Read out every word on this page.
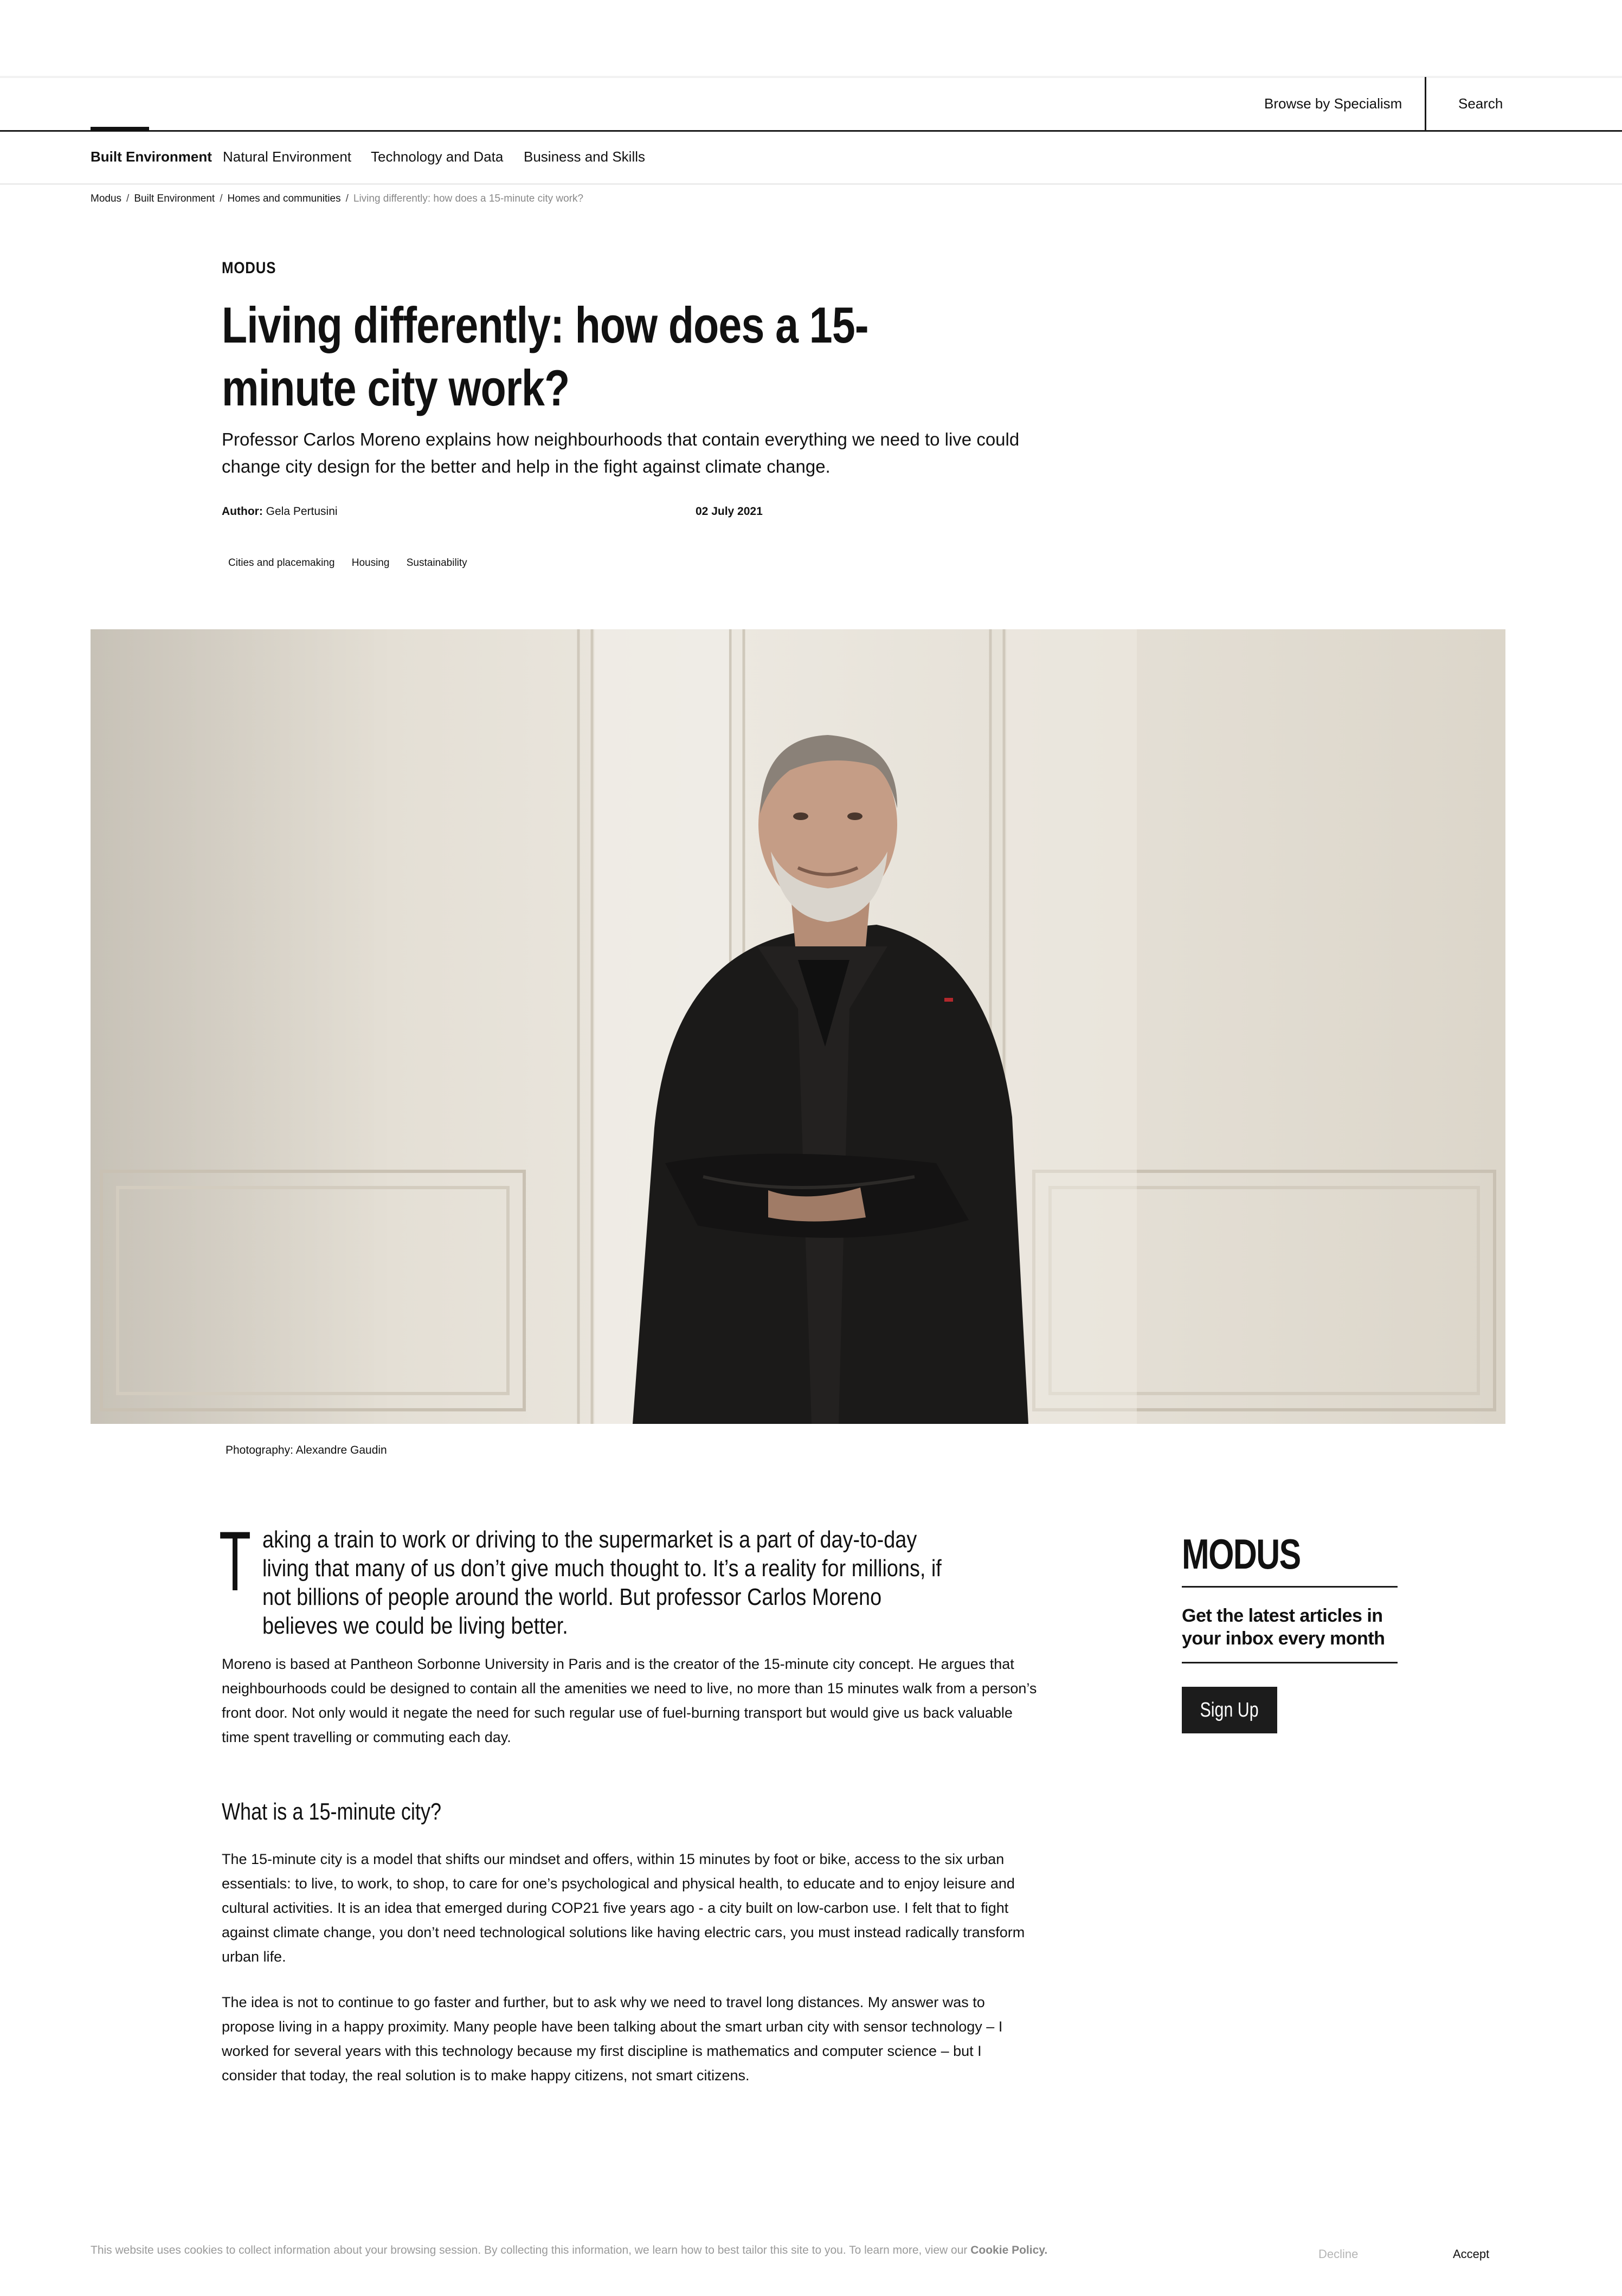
Browse by Specialism	Search
Built Environment Natural Environment Technology and Data Business and Skills
Modus / Built Environment / Homes and communities / Living differently: how does a 15-minute city work?
MODUS
Living differently: how does a 15-minute city work?

Professor Carlos Moreno explains how neighbourhoods that contain everything we need to live could change city design for the better and help in the fight against climate change.

Author: Gela Pertusini	02 July 2021
Cities and placemaking Housing Sustainability
Photography: Alexandre Gaudin
T aking a train to work or driving to the supermarket is a part of day-to-day living that many of us don’t give much thought to. It’s a reality for millions, if not billions of people around the world. But professor Carlos Moreno believes we could be living better.

Moreno is based at Pantheon Sorbonne University in Paris and is the creator of the 15-minute city concept. He argues that neighbourhoods could be designed to contain all the amenities we need to live, no more than 15 minutes walk from a person’s front door. Not only would it negate the need for such regular use of fuel-burning transport but would give us back valuable time spent travelling or commuting each day.

What is a 15-minute city?

The 15-minute city is a model that shifts our mindset and offers, within 15 minutes by foot or bike, access to the six urban essentials: to live, to work, to shop, to care for one’s psychological and physical health, to educate and to enjoy leisure and cultural activities. It is an idea that emerged during COP21 five years ago - a city built on low-carbon use. I felt that to fight against climate change, you don’t need technological solutions like having electric cars, you must instead radically transform urban life.

The idea is not to continue to go faster and further, but to ask why we need to travel long distances. My answer was to propose living in a happy proximity. Many people have been talking about the smart urban city with sensor technology – I worked for several years with this technology because my first discipline is mathematics and computer science – but I consider that today, the real solution is to make happy citizens, not smart citizens.

MODUS

Get the latest articles in your inbox every month

Sign Up

This website uses cookies to collect information about your browsing session. By collecting this information, we learn how to best tailor this site to you. To learn more, view our Cookie Policy.	Decline	Accept
